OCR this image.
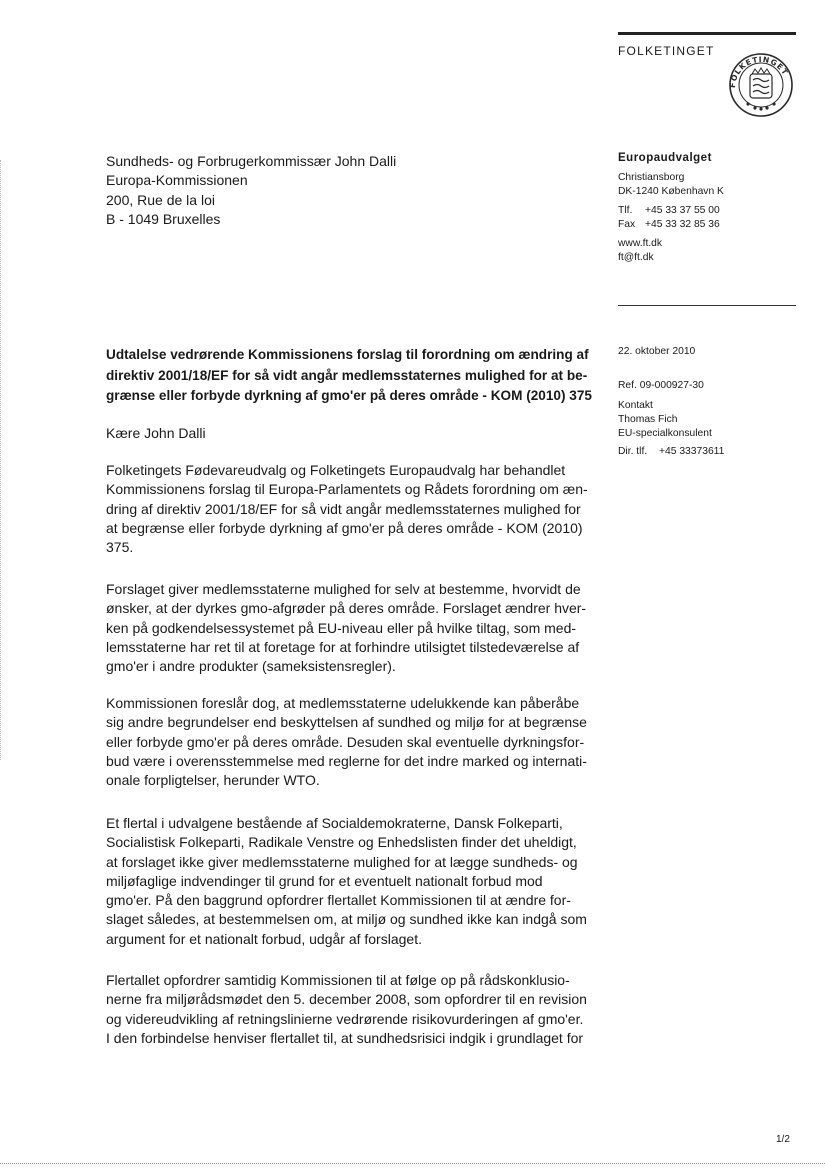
FOLKETINGET
FOLKETINGET
Sundheds- og Forbrugerkommissær John Dalli
Europa-Kommissionen
200, Rue de la loi
B - 1049 Bruxelles
Europaudvalget
Christiansborg
DK-1240 København K
Tlf.	+45 33 37 55 00
Fax +45 33 32 85 36
www.ft.dk
ft@ft.dk
22. oktober 2010
Ref. 09-000927-30
Kontakt
Thomas Fich
EU-specialkonsulent
Dir. tlf.	+45 33373611
Udtalelse vedrørende Kommissionens forslag til forordning om ændring af
direktiv 2001/18/EF for så vidt angår medlemsstaternes mulighed for at be-
grænse eller forbyde dyrkning af gmo'er på deres område - KOM (2010) 375
Kære John Dalli
Folketingets Fødevareudvalg og Folketingets Europaudvalg har behandlet
Kommissionens forslag til Europa-Parlamentets og Rådets forordning om æn-
dring af direktiv 2001/18/EF for så vidt angår medlemsstaternes mulighed for
at begrænse eller forbyde dyrkning af gmo'er på deres område - KOM (2010)
375.
Forslaget giver medlemsstaterne mulighed for selv at bestemme, hvorvidt de
ønsker, at der dyrkes gmo-afgrøder på deres område. Forslaget ændrer hver-
ken på godkendelsessystemet på EU-niveau eller på hvilke tiltag, som med-
lemsstaterne har ret til at foretage for at forhindre utilsigtet tilstedeværelse af
gmo'er i andre produkter (sameksistensregler).
Kommissionen foreslår dog, at medlemsstaterne udelukkende kan påberåbe
sig andre begrundelser end beskyttelsen af sundhed og miljø for at begrænse
eller forbyde gmo'er på deres område. Desuden skal eventuelle dyrkningsfor-
bud være i overensstemmelse med reglerne for det indre marked og internati-
onale forpligtelser, herunder WTO.
Et flertal i udvalgene bestående af Socialdemokraterne, Dansk Folkeparti,
Socialistisk Folkeparti, Radikale Venstre og Enhedslisten finder det uheldigt,
at forslaget ikke giver medlemsstaterne mulighed for at lægge sundheds- og
miljøfaglige indvendinger til grund for et eventuelt nationalt forbud mod
gmo'er. På den baggrund opfordrer flertallet Kommissionen til at ændre for-
slaget således, at bestemmelsen om, at miljø og sundhed ikke kan indgå som
argument for et nationalt forbud, udgår af forslaget.
Flertallet opfordrer samtidig Kommissionen til at følge op på rådskonklusio-
nerne fra miljørådsmødet den 5. december 2008, som opfordrer til en revision
og videreudvikling af retningslinierne vedrørende risikovurderingen af gmo'er.
I den forbindelse henviser flertallet til, at sundhedsrisici indgik i grundlaget for
1/2
